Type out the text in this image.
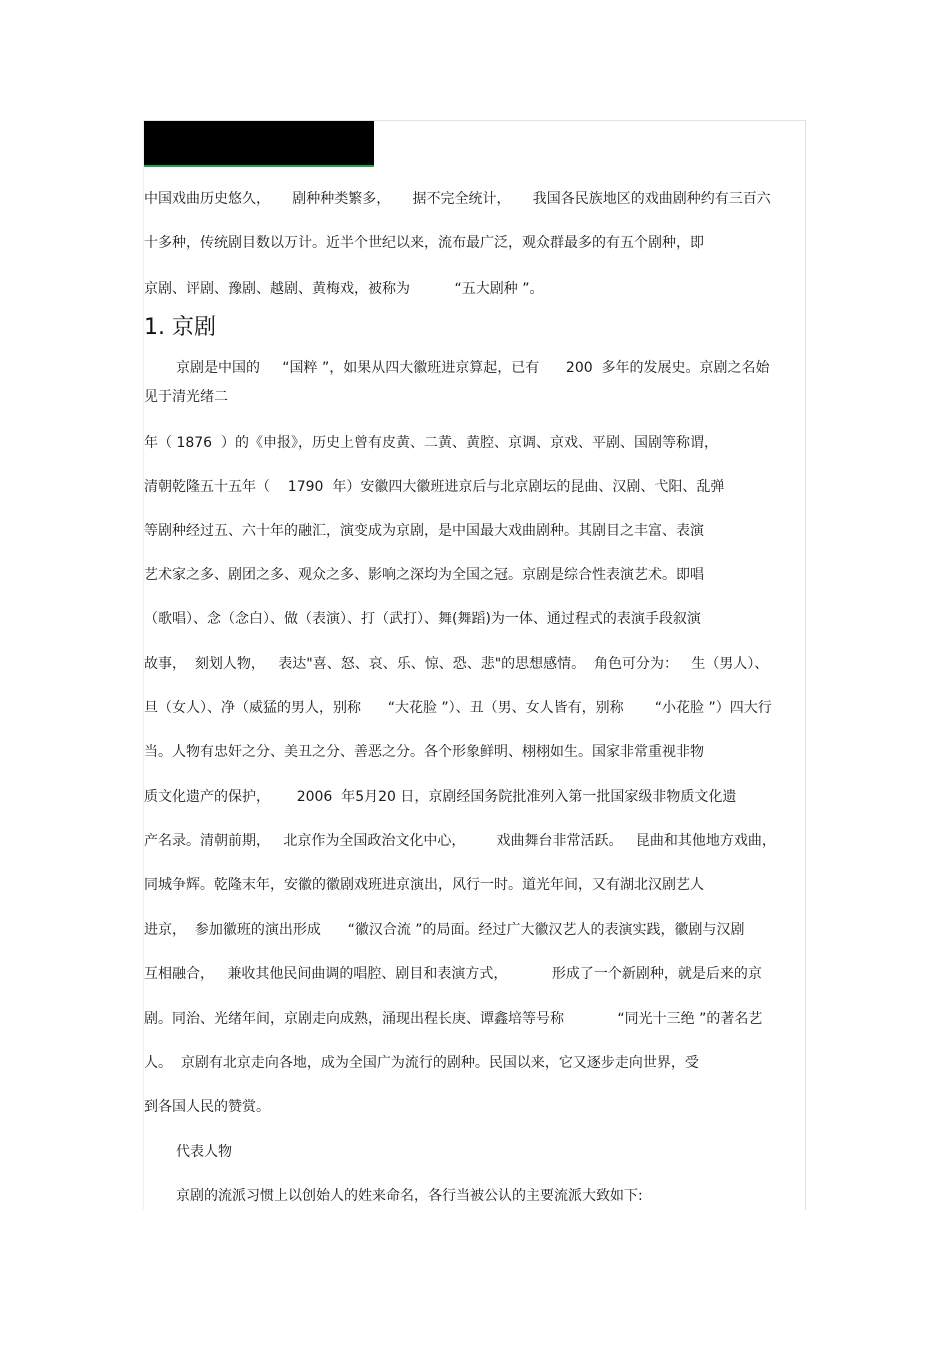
中国戏曲历史悠久，     剧种种类繁多，     据不完全统计，     我国各民族地区的戏曲剧种约有三百六
十多种，传统剧目数以万计。近半个世纪以来，流布最广泛，观众群最多的有五个剧种，即
京剧、评剧、豫剧、越剧、黄梅戏，被称为          “五大剧种 ”。
1. 京剧
京剧是中国的     “国粹 ”，如果从四大徽班进京算起，已有      200  多年的发展史。京剧之名始
见于清光绪二
年（ 1876  ）的《申报》，历史上曾有皮黄、二黄、黄腔、京调、京戏、平剧、国剧等称谓，
清朝乾隆五十五年（    1790  年）安徽四大徽班进京后与北京剧坛的昆曲、汉剧、弋阳、乱弹
等剧种经过五、六十年的融汇，演变成为京剧，是中国最大戏曲剧种。其剧目之丰富、表演
艺术家之多、剧团之多、观众之多、影响之深均为全国之冠。京剧是综合性表演艺术。即唱
（歌唱）、念（念白）、做（表演）、打（武打）、舞(舞蹈)为一体、通过程式的表演手段叙演
故事，  刻划人物，   表达"喜、怒、哀、乐、惊、恐、悲"的思想感情。  角色可分为：   生（男人）、
旦（女人）、净（威猛的男人，别称      “大花脸 ”）、丑（男、女人皆有，别称       “小花脸 ”）四大行
当。人物有忠奸之分、美丑之分、善恶之分。各个形象鲜明、栩栩如生。国家非常重视非物
质文化遗产的保护，      2006  年5月20 日，京剧经国务院批准列入第一批国家级非物质文化遗
产名录。清朝前期，   北京作为全国政治文化中心，       戏曲舞台非常活跃。   昆曲和其他地方戏曲，
同城争辉。乾隆末年，安徽的徽剧戏班进京演出，风行一时。道光年间，又有湖北汉剧艺人
进京，  参加徽班的演出形成      “徽汉合流 ”的局面。经过广大徽汉艺人的表演实践，徽剧与汉剧
互相融合，   兼收其他民间曲调的唱腔、剧目和表演方式，          形成了一个新剧种，就是后来的京
剧。同治、光绪年间，京剧走向成熟，涌现出程长庚、谭鑫培等号称            “同光十三绝 ”的著名艺
人。  京剧有北京走向各地，成为全国广为流行的剧种。民国以来，它又逐步走向世界，受
到各国人民的赞赏。
代表人物
京剧的流派习惯上以创始人的姓来命名，各行当被公认的主要流派大致如下:
